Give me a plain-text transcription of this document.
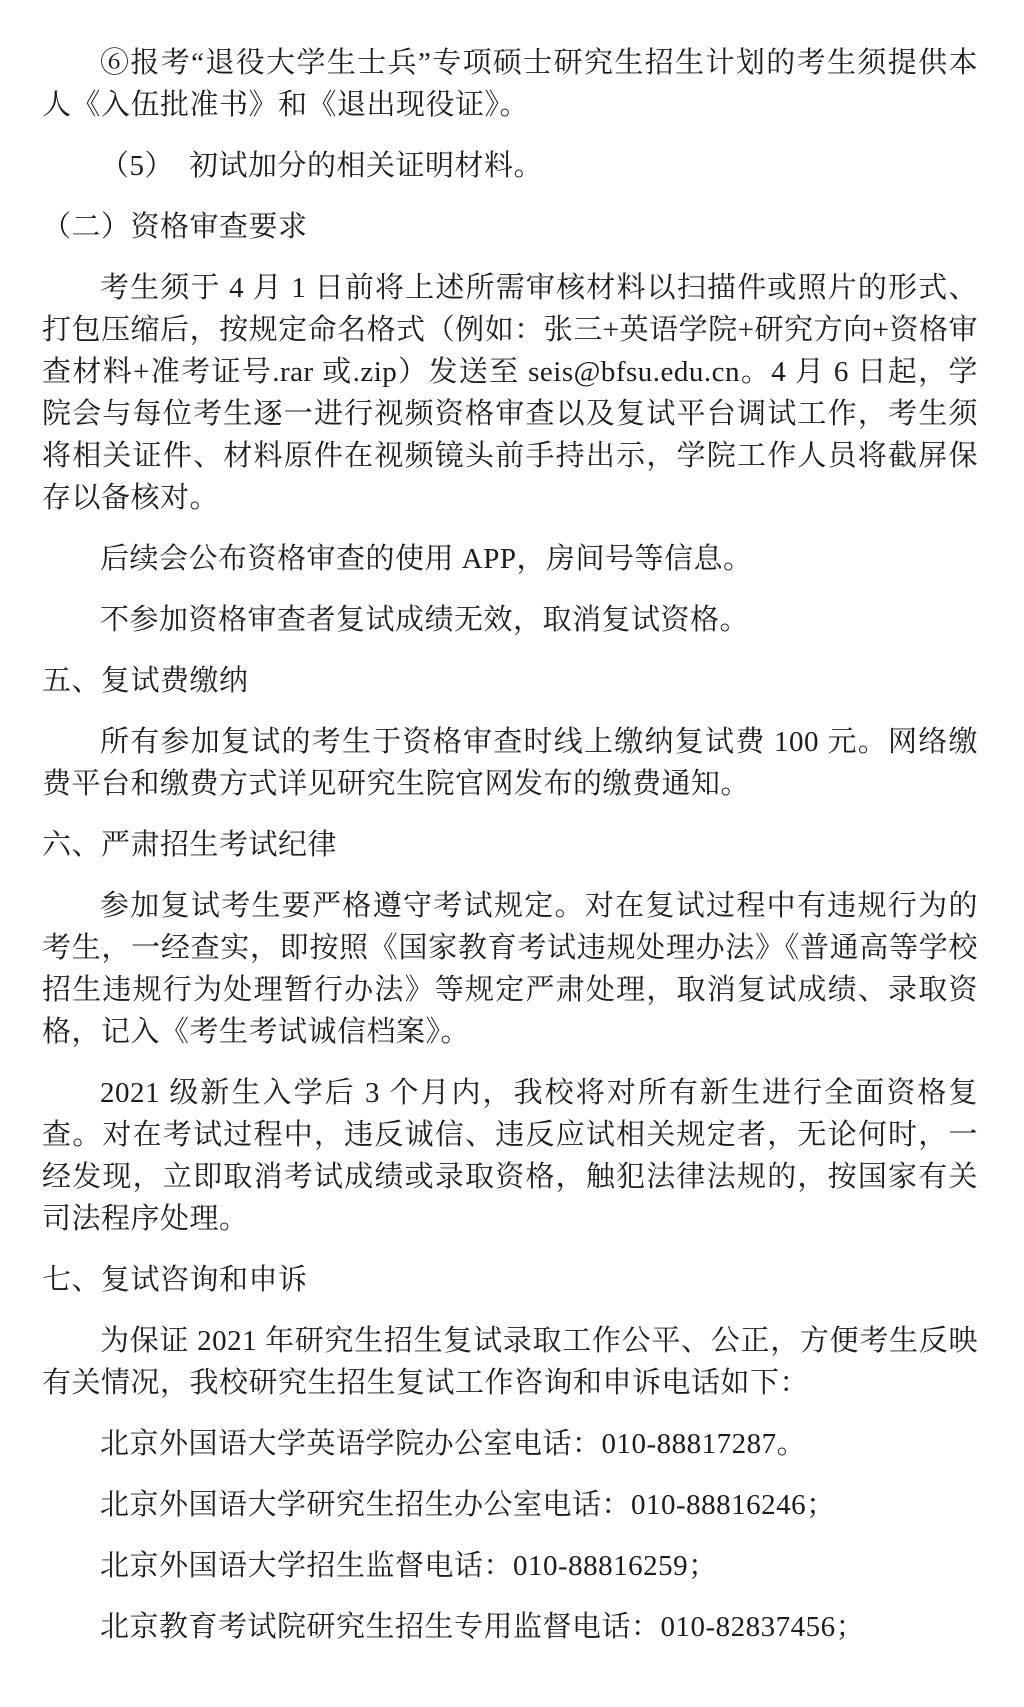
⑥报考“退役大学生士兵”专项硕士研究生招生计划的考生须提供本人《入伍批准书》和《退出现役证》。

（5）　初试加分的相关证明材料。

（二）资格审查要求

考生须于 4 月 1 日前将上述所需审核材料以扫描件或照片的形式、打包压缩后，按规定命名格式（例如：张三+英语学院+研究方向+资格审查材料+准考证号.rar 或.zip）发送至 seis@bfsu.edu.cn。4 月 6 日起，学院会与每位考生逐一进行视频资格审查以及复试平台调试工作，考生须将相关证件、材料原件在视频镜头前手持出示，学院工作人员将截屏保存以备核对。

后续会公布资格审查的使用 APP，房间号等信息。

不参加资格审查者复试成绩无效，取消复试资格。

五、复试费缴纳

所有参加复试的考生于资格审查时线上缴纳复试费 100 元。网络缴费平台和缴费方式详见研究生院官网发布的缴费通知。

六、严肃招生考试纪律

参加复试考生要严格遵守考试规定。对在复试过程中有违规行为的考生，一经查实，即按照《国家教育考试违规处理办法》《普通高等学校招生违规行为处理暂行办法》等规定严肃处理，取消复试成绩、录取资格，记入《考生考试诚信档案》。

2021 级新生入学后 3 个月内，我校将对所有新生进行全面资格复查。对在考试过程中，违反诚信、违反应试相关规定者，无论何时，一经发现，立即取消考试成绩或录取资格，触犯法律法规的，按国家有关司法程序处理。

七、复试咨询和申诉

为保证 2021 年研究生招生复试录取工作公平、公正，方便考生反映有关情况，我校研究生招生复试工作咨询和申诉电话如下：

北京外国语大学英语学院办公室电话：010-88817287。

北京外国语大学研究生招生办公室电话：010-88816246；

北京外国语大学招生监督电话：010-88816259；

北京教育考试院研究生招生专用监督电话：010-82837456；
